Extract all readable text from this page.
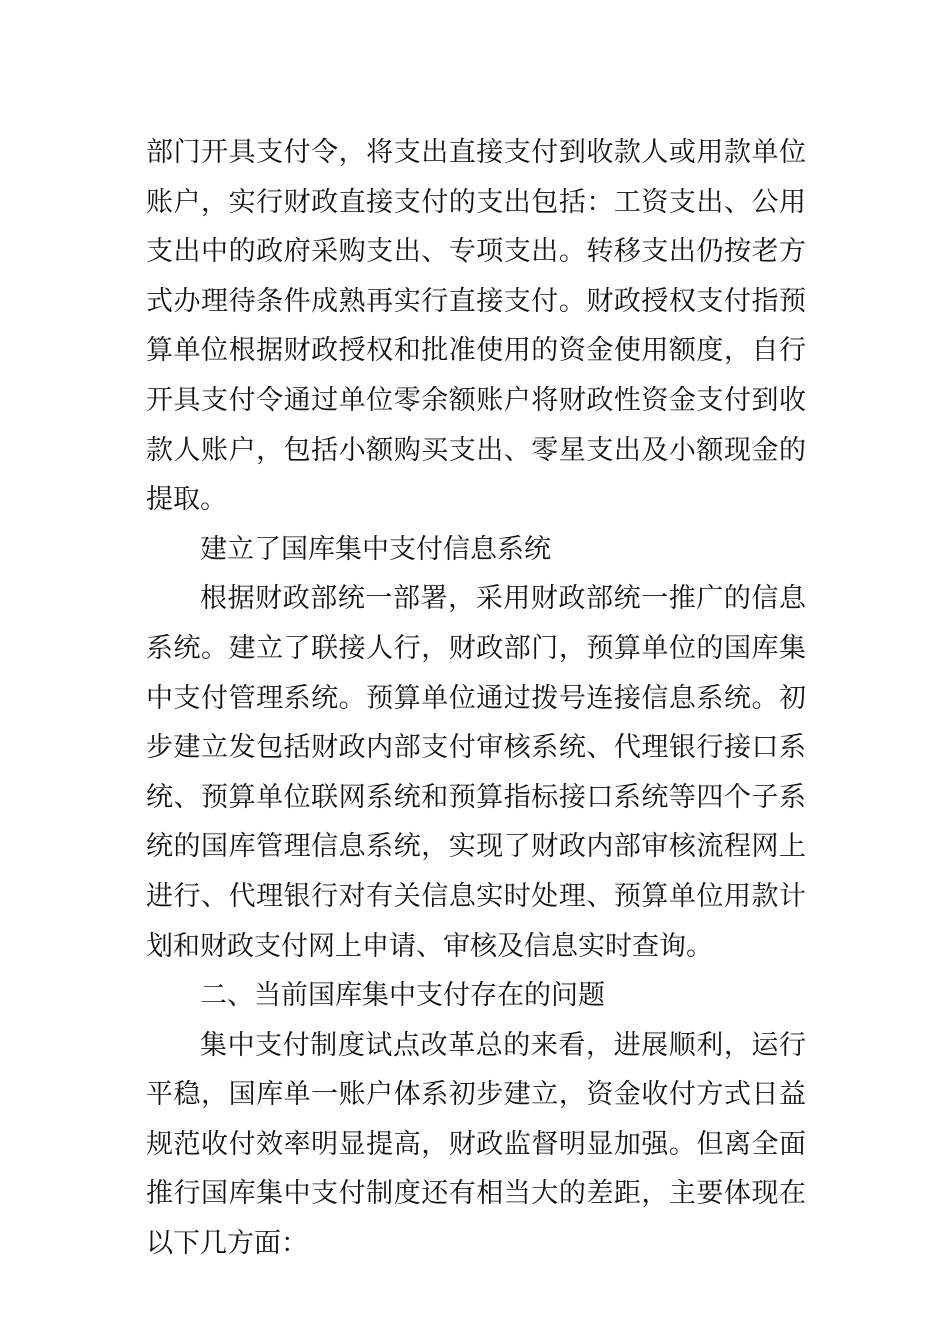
部门开具支付令，将支出直接支付到收款人或用款单位账户，实行财政直接支付的支出包括：工资支出、公用支出中的政府采购支出、专项支出。转移支出仍按老方式办理待条件成熟再实行直接支付。财政授权支付指预算单位根据财政授权和批准使用的资金使用额度，自行开具支付令通过单位零余额账户将财政性资金支付到收款人账户，包括小额购买支出、零星支出及小额现金的提取。

建立了国库集中支付信息系统

根据财政部统一部署，采用财政部统一推广的信息系统。建立了联接人行，财政部门，预算单位的国库集中支付管理系统。预算单位通过拨号连接信息系统。初步建立发包括财政内部支付审核系统、代理银行接口系统、预算单位联网系统和预算指标接口系统等四个子系统的国库管理信息系统，实现了财政内部审核流程网上进行、代理银行对有关信息实时处理、预算单位用款计划和财政支付网上申请、审核及信息实时查询。

二、当前国库集中支付存在的问题

集中支付制度试点改革总的来看，进展顺利，运行平稳，国库单一账户体系初步建立，资金收付方式日益规范收付效率明显提高，财政监督明显加强。但离全面推行国库集中支付制度还有相当大的差距，主要体现在以下几方面：
